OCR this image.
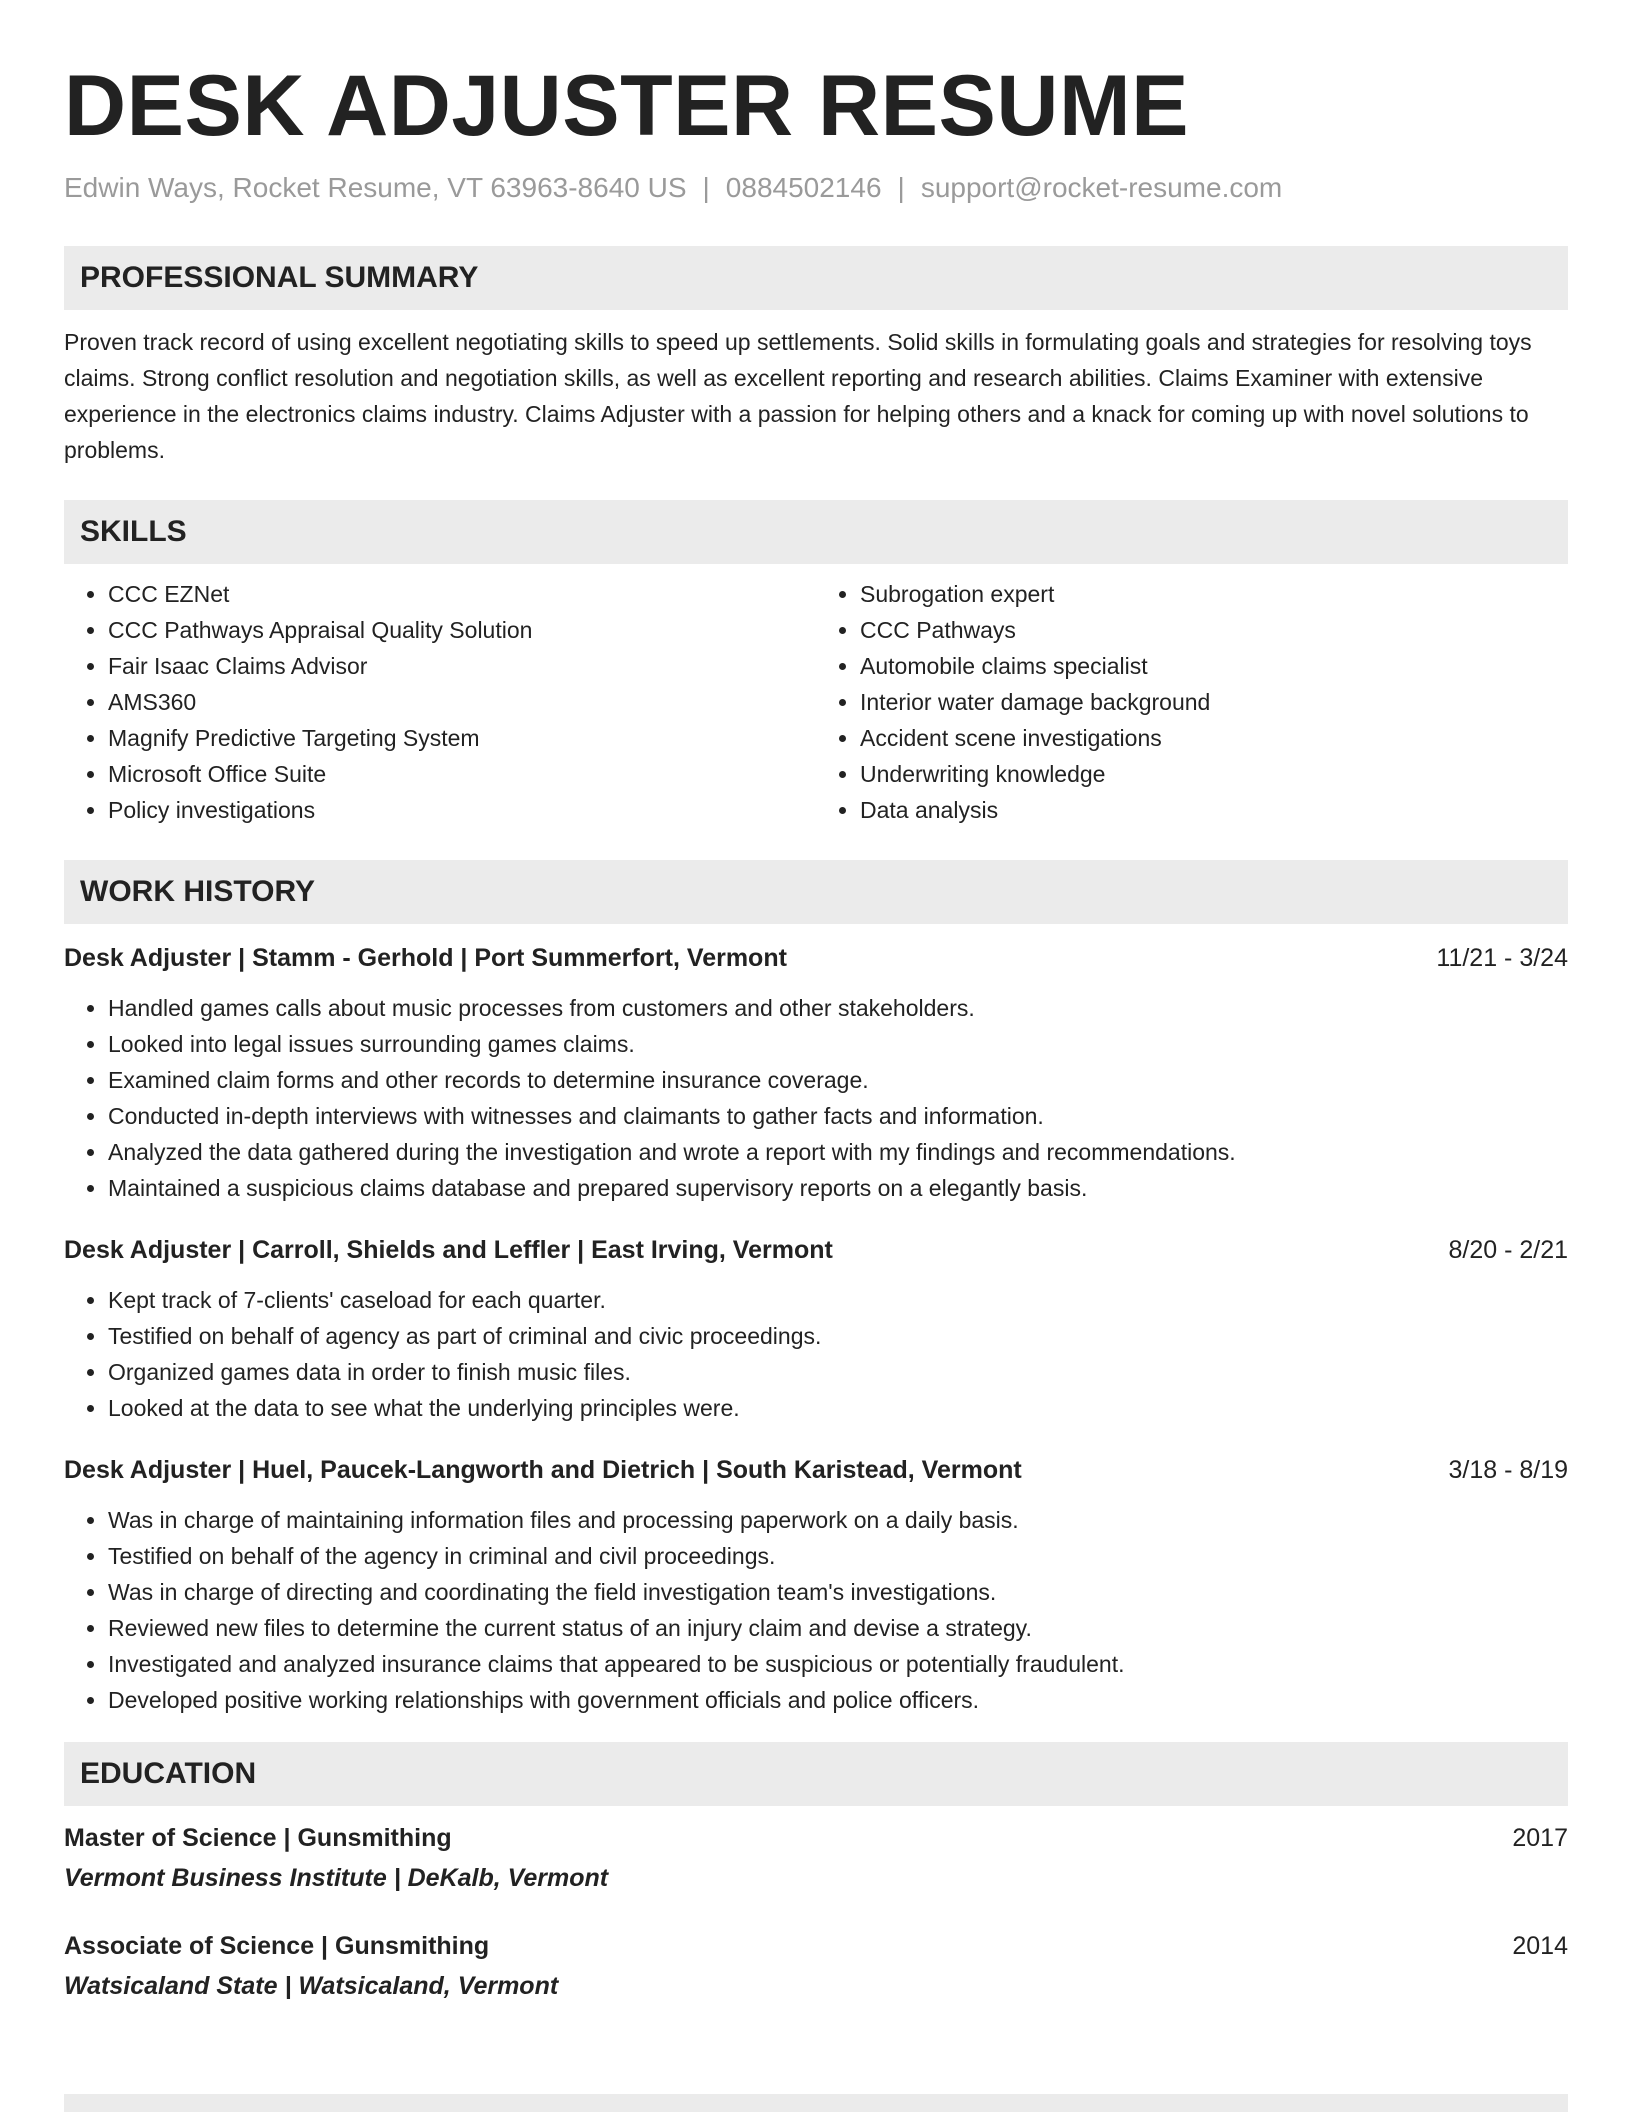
DESK ADJUSTER RESUME
Edwin Ways, Rocket Resume, VT 63963-8640 US | 0884502146 | support@rocket-resume.com
PROFESSIONAL SUMMARY

Proven track record of using excellent negotiating skills to speed up settlements. Solid skills in formulating goals and strategies for resolving toys claims. Strong conflict resolution and negotiation skills, as well as excellent reporting and research abilities. Claims Examiner with extensive experience in the electronics claims industry. Claims Adjuster with a passion for helping others and a knack for coming up with novel solutions to problems.

SKILLS
• CCC EZNet
• CCC Pathways Appraisal Quality Solution
• Fair Isaac Claims Advisor
• AMS360
• Magnify Predictive Targeting System
• Microsoft Office Suite
• Policy investigations
• Subrogation expert
• CCC Pathways
• Automobile claims specialist
• Interior water damage background
• Accident scene investigations
• Underwriting knowledge
• Data analysis
WORK HISTORY
Desk Adjuster | Stamm - Gerhold | Port Summerfort, Vermont	11/21 - 3/24
• Handled games calls about music processes from customers and other stakeholders.
• Looked into legal issues surrounding games claims.
• Examined claim forms and other records to determine insurance coverage.
• Conducted in-depth interviews with witnesses and claimants to gather facts and information.
• Analyzed the data gathered during the investigation and wrote a report with my findings and recommendations.
• Maintained a suspicious claims database and prepared supervisory reports on a elegantly basis.
Desk Adjuster | Carroll, Shields and Leffler | East Irving, Vermont	8/20 - 2/21
• Kept track of 7-clients' caseload for each quarter.
• Testified on behalf of agency as part of criminal and civic proceedings.
• Organized games data in order to finish music files.
• Looked at the data to see what the underlying principles were.
Desk Adjuster | Huel, Paucek-Langworth and Dietrich | South Karistead, Vermont	3/18 - 8/19
• Was in charge of maintaining information files and processing paperwork on a daily basis.
• Testified on behalf of the agency in criminal and civil proceedings.
• Was in charge of directing and coordinating the field investigation team's investigations.
• Reviewed new files to determine the current status of an injury claim and devise a strategy.
• Investigated and analyzed insurance claims that appeared to be suspicious or potentially fraudulent.
• Developed positive working relationships with government officials and police officers.
EDUCATION
Master of Science | Gunsmithing	2017
Vermont Business Institute | DeKalb, Vermont
Associate of Science | Gunsmithing	2014
Watsicaland State | Watsicaland, Vermont
